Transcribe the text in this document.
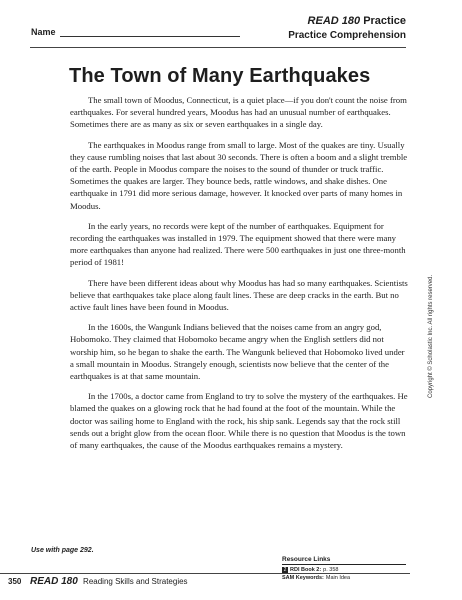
Name
READ 180 Practice
Practice Comprehension
The Town of Many Earthquakes

The small town of Moodus, Connecticut, is a quiet place—if you don't count the noise from earthquakes. For several hundred years, Moodus has had an unusual number of earthquakes. Sometimes there are as many as six or seven earthquakes in a single day.

The earthquakes in Moodus range from small to large. Most of the quakes are tiny. Usually they cause rumbling noises that last about 30 seconds. There is often a boom and a slight tremble of the earth. People in Moodus compare the noises to the sound of thunder or truck traffic. Sometimes the quakes are larger. They bounce beds, rattle windows, and shake dishes. One earthquake in 1791 did more serious damage, however. It knocked over parts of many homes in Moodus.

In the early years, no records were kept of the number of earthquakes. Equipment for recording the earthquakes was installed in 1979. The equipment showed that there were many more earthquakes than anyone had realized. There were 500 earthquakes in just one three-month period of 1981!

There have been different ideas about why Moodus has had so many earthquakes. Scientists believe that earthquakes take place along fault lines. These are deep cracks in the earth. But no active fault lines have been found in Moodus.

In the 1600s, the Wangunk Indians believed that the noises came from an angry god, Hobomoko. They claimed that Hobomoko became angry when the English settlers did not worship him, so he began to shake the earth. The Wangunk believed that Hobomoko lived under a small mountain in Moodus. Strangely enough, scientists now believe that the center of the earthquakes is at that same mountain.

In the 1700s, a doctor came from England to try to solve the mystery of the earthquakes. He blamed the quakes on a glowing rock that he had found at the foot of the mountain. While the doctor was sailing home to England with the rock, his ship sank. Legends say that the rock still sends out a bright glow from the ocean floor. While there is no question that Moodus is the town of many earthquakes, the cause of the Moodus earthquakes remains a mystery.

Copyright © Scholastic Inc. All rights reserved.
Use with page 292.
Resource Links
2 RDI Book 2: p. 358
SAM Keywords: Main Idea
350 READ 180 Reading Skills and Strategies
